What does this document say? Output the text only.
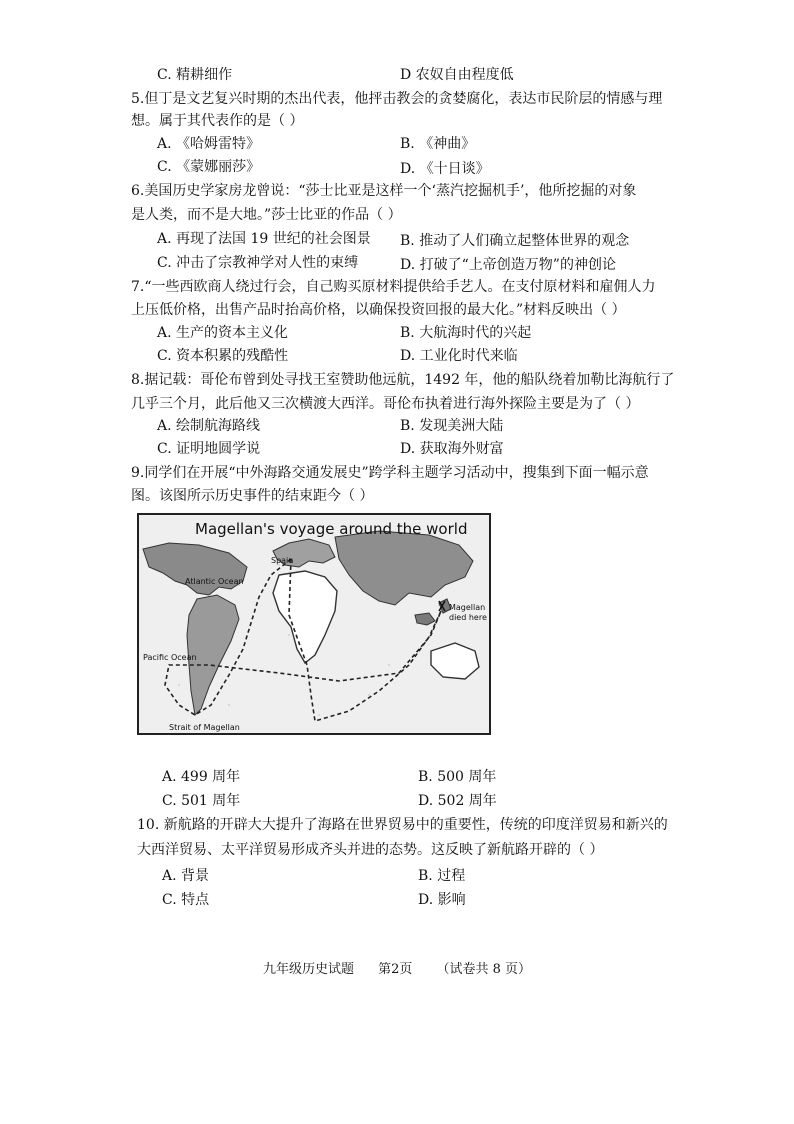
C. 精耕细作	D 农奴自由程度低
5.但丁是文艺复兴时期的杰出代表，他抨击教会的贪婪腐化，表达市民阶层的情感与理
想。属于其代表作的是（ ）
A. 《哈姆雷特》	B. 《神曲》
C. 《蒙娜丽莎》	D. 《十日谈》
6.美国历史学家房龙曾说：“莎士比亚是这样一个‘蒸汽挖掘机手’，他所挖掘的对象
是人类，而不是大地。”莎士比亚的作品（ ）
A. 再现了法国 19 世纪的社会图景 B. 推动了人们确立起整体世界的观念
C. 冲击了宗教神学对人性的束缚	D. 打破了“上帝创造万物”的神创论
7.“一些西欧商人绕过行会，自己购买原材料提供给手艺人。在支付原材料和雇佣人力
上压低价格，出售产品时抬高价格，以确保投资回报的最大化。”材料反映出（ ）
A. 生产的资本主义化	B. 大航海时代的兴起
C. 资本积累的残酷性	D. 工业化时代来临
8.据记载：哥伦布曾到处寻找王室赞助他远航，1492 年，他的船队绕着加勒比海航行了
几乎三个月，此后他又三次横渡大西洋。哥伦布执着进行海外探险主要是为了（ ）
A. 绘制航海路线	B. 发现美洲大陆
C. 证明地圆学说	D. 获取海外财富
9.同学们在开展“中外海路交通发展史”跨学科主题学习活动中，搜集到下面一幅示意
图。该图所示历史事件的结束距今（ ）
Magellan's voyage around the world
Spain
Atlantic Ocean
Pacific Ocean
Strait of Magellan
Magellan
died here
A. 499 周年	B. 500 周年
C. 501 周年	D. 502 周年
10. 新航路的开辟大大提升了海路在世界贸易中的重要性，传统的印度洋贸易和新兴的
大西洋贸易、太平洋贸易形成齐头并进的态势。这反映了新航路开辟的（ ）
A. 背景	B. 过程
C. 特点	D. 影响
九年级历史试题 第2页 （试卷共 8 页）
